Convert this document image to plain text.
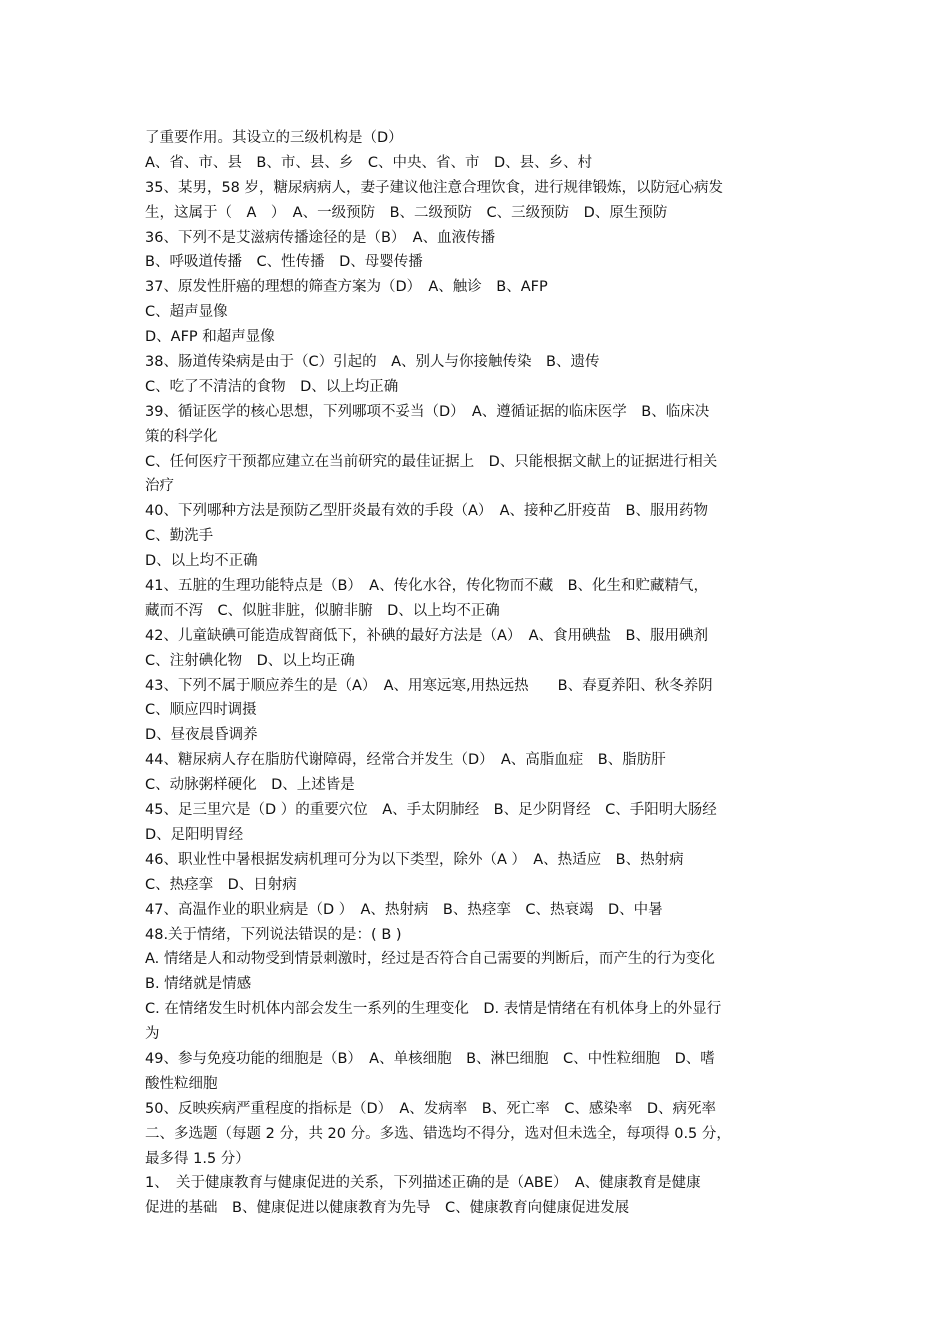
了重要作用。其设立的三级机构是（D）
A、省、市、县　B、市、县、乡　C、中央、省、市　D、县、乡、村
35、某男，58 岁，糖尿病病人，妻子建议他注意合理饮食，进行规律锻炼，以防冠心病发
生，这属于（　A　）　A、一级预防　B、二级预防　C、三级预防　D、原生预防
36、下列不是艾滋病传播途径的是（B）　A、血液传播
B、呼吸道传播　C、性传播　D、母婴传播
37、原发性肝癌的理想的筛查方案为（D）　A、触诊　B、AFP
C、超声显像
D、AFP 和超声显像
38、肠道传染病是由于（C）引起的　A、别人与你接触传染　B、遗传
C、吃了不清洁的食物　D、以上均正确
39、循证医学的核心思想，下列哪项不妥当（D）　A、遵循证据的临床医学　B、临床决
策的科学化
C、任何医疗干预都应建立在当前研究的最佳证据上　D、只能根据文献上的证据进行相关
治疗
40、下列哪种方法是预防乙型肝炎最有效的手段（A）　A、接种乙肝疫苗　B、服用药物
C、勤洗手
D、以上均不正确
41、五脏的生理功能特点是（B）　A、传化水谷，传化物而不藏　B、化生和贮藏精气，
藏而不泻　C、似脏非脏，似腑非腑　D、以上均不正确
42、儿童缺碘可能造成智商低下，补碘的最好方法是（A）　A、食用碘盐　B、服用碘剂
C、注射碘化物　D、以上均正确
43、下列不属于顺应养生的是（A）　A、用寒远寒,用热远热　　B、春夏养阳、秋冬养阴
C、顺应四时调摄
D、昼夜晨昏调养
44、糖尿病人存在脂肪代谢障碍，经常合并发生（D）　A、高脂血症　B、脂肪肝
C、动脉粥样硬化　D、上述皆是
45、足三里穴是（D ）的重要穴位　A、手太阴肺经　B、足少阴肾经　C、手阳明大肠经
D、足阳明胃经
46、职业性中暑根据发病机理可分为以下类型，除外（A ）　A、热适应　B、热射病
C、热痉挛　D、日射病
47、高温作业的职业病是（D ）　A、热射病　B、热痉挛　C、热衰竭　D、中暑
48.关于情绪，下列说法错误的是：( B )
A. 情绪是人和动物受到情景刺激时，经过是否符合自己需要的判断后，而产生的行为变化
B. 情绪就是情感
C. 在情绪发生时机体内部会发生一系列的生理变化　D. 表情是情绪在有机体身上的外显行
为
49、参与免疫功能的细胞是（B）　A、单核细胞　B、淋巴细胞　C、中性粒细胞　D、嗜
酸性粒细胞
50、反映疾病严重程度的指标是（D）　A、发病率　B、死亡率　C、感染率　D、病死率
二、多选题（每题 2 分，共 20 分。多选、错选均不得分，选对但未选全，每项得 0.5 分，
最多得 1.5 分）
1、　关于健康教育与健康促进的关系，下列描述正确的是（ABE）　A、健康教育是健康
促进的基础　B、健康促进以健康教育为先导　C、健康教育向健康促进发展
